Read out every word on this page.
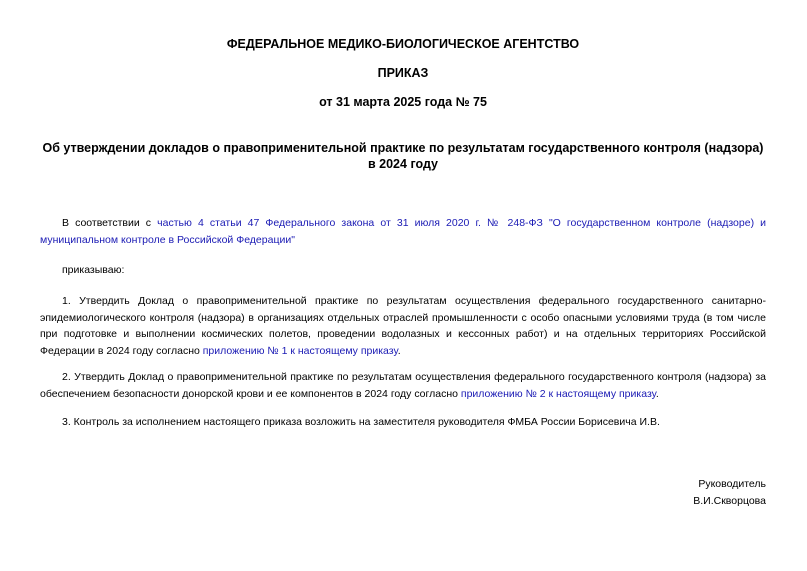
ФЕДЕРАЛЬНОЕ МЕДИКО-БИОЛОГИЧЕСКОЕ АГЕНТСТВО
ПРИКАЗ
от 31 марта 2025 года № 75
Об утверждении докладов о правоприменительной практике по результатам государственного контроля (надзора) в 2024 году
В соответствии с частью 4 статьи 47 Федерального закона от 31 июля 2020 г. № 248-ФЗ "О государственном контроле (надзоре) и муниципальном контроле в Российской Федерации"
приказываю:
1. Утвердить Доклад о правоприменительной практике по результатам осуществления федерального государственного санитарно-эпидемиологического контроля (надзора) в организациях отдельных отраслей промышленности с особо опасными условиями труда (в том числе при подготовке и выполнении космических полетов, проведении водолазных и кессонных работ) и на отдельных территориях Российской Федерации в 2024 году согласно приложению № 1 к настоящему приказу.
2. Утвердить Доклад о правоприменительной практике по результатам осуществления федерального государственного контроля (надзора) за обеспечением безопасности донорской крови и ее компонентов в 2024 году согласно приложению № 2 к настоящему приказу.
3. Контроль за исполнением настоящего приказа возложить на заместителя руководителя ФМБА России Борисевича И.В.
Руководитель
В.И.Скворцова
